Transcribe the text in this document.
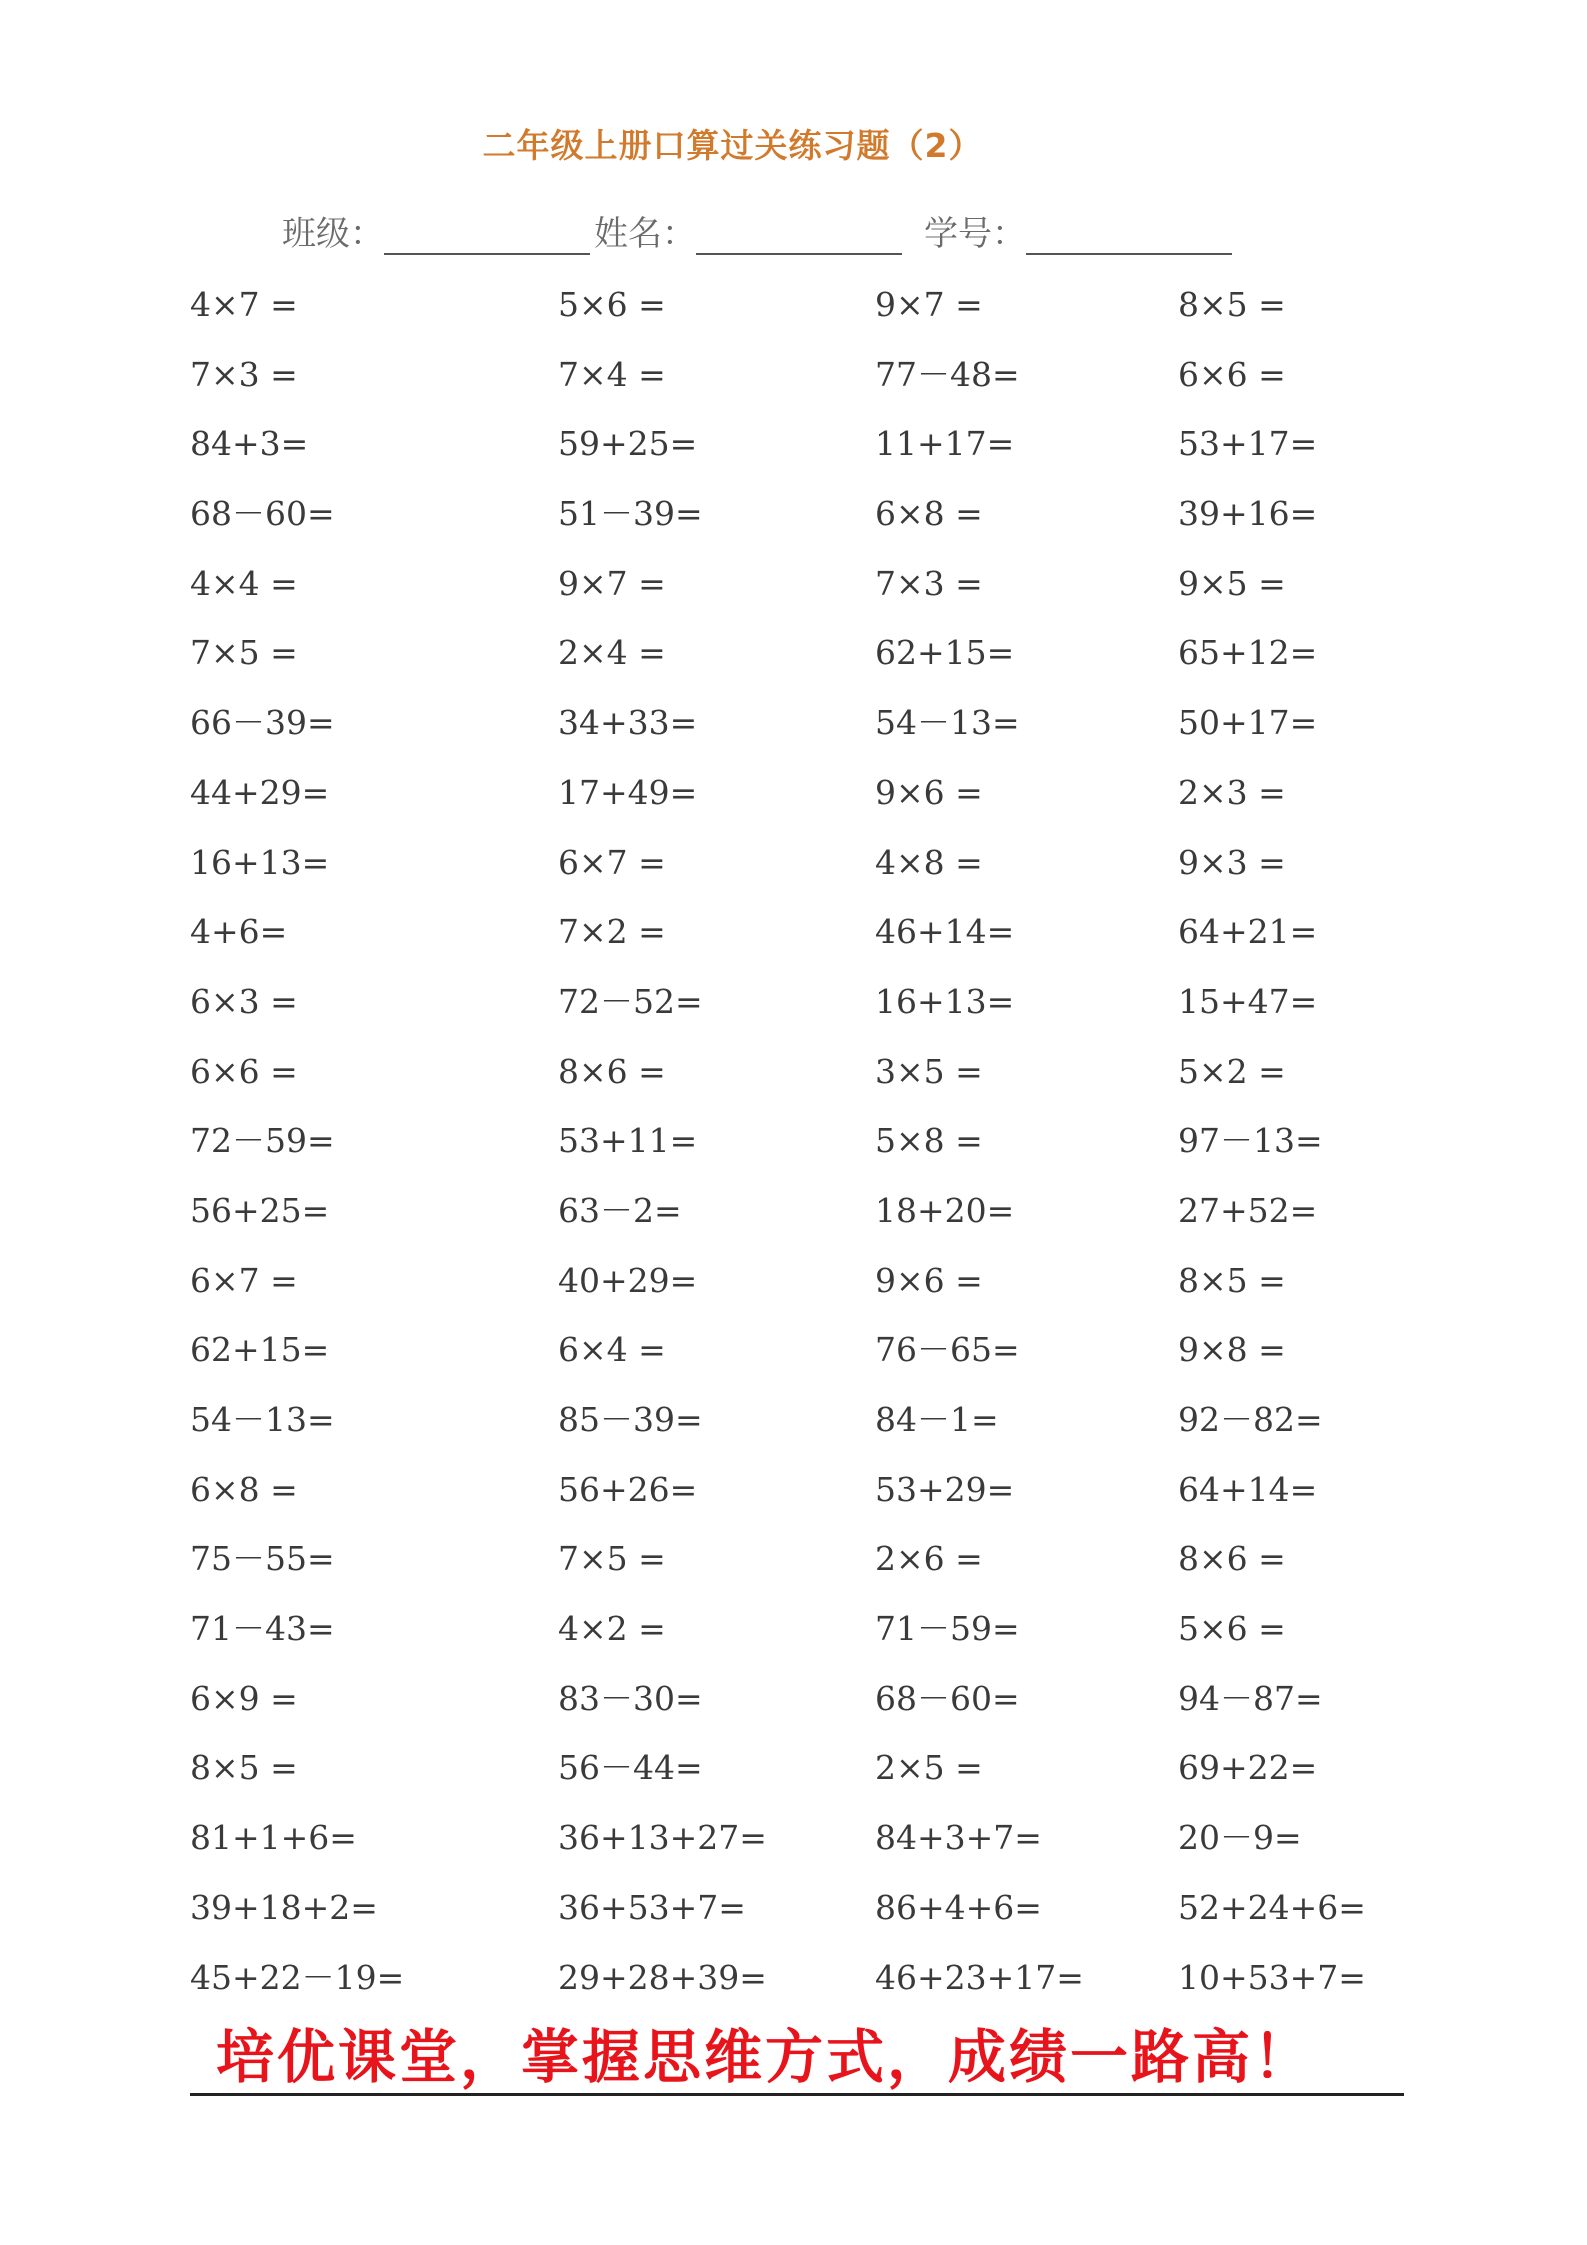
二年级上册口算过关练习题（2）
班级：	姓名：	学号：
4×7 =	5×6 =	9×7 =	8×5 =
7×3 =	7×4 =	77－48=	6×6 =
84+3=	59+25=	11+17=	53+17=
68－60=	51－39=	6×8 =	39+16=
4×4 =	9×7 =	7×3 =	9×5 =
7×5 =	2×4 =	62+15=	65+12=
66－39=	34+33=	54－13=	50+17=
44+29=	17+49=	9×6 =	2×3 =
16+13=	6×7 =	4×8 =	9×3 =
4+6=	7×2 =	46+14=	64+21=
6×3 =	72－52=	16+13=	15+47=
6×6 =	8×6 =	3×5 =	5×2 =
72－59=	53+11=	5×8 =	97－13=
56+25=	63－2=	18+20=	27+52=
6×7 =	40+29=	9×6 =	8×5 =
62+15=	6×4 =	76－65=	9×8 =
54－13=	85－39=	84－1=	92－82=
6×8 =	56+26=	53+29=	64+14=
75－55=	7×5 =	2×6 =	8×6 =
71－43=	4×2 =	71－59=	5×6 =
6×9 =	83－30=	68－60=	94－87=
8×5 =	56－44=	2×5 =	69+22=
81+1+6=	36+13+27=	84+3+7=	20－9=
39+18+2=	36+53+7=	86+4+6=	52+24+6=
45+22－19=	29+28+39=	46+23+17=	10+53+7=
培优课堂，掌握思维方式，成绩一路高！
